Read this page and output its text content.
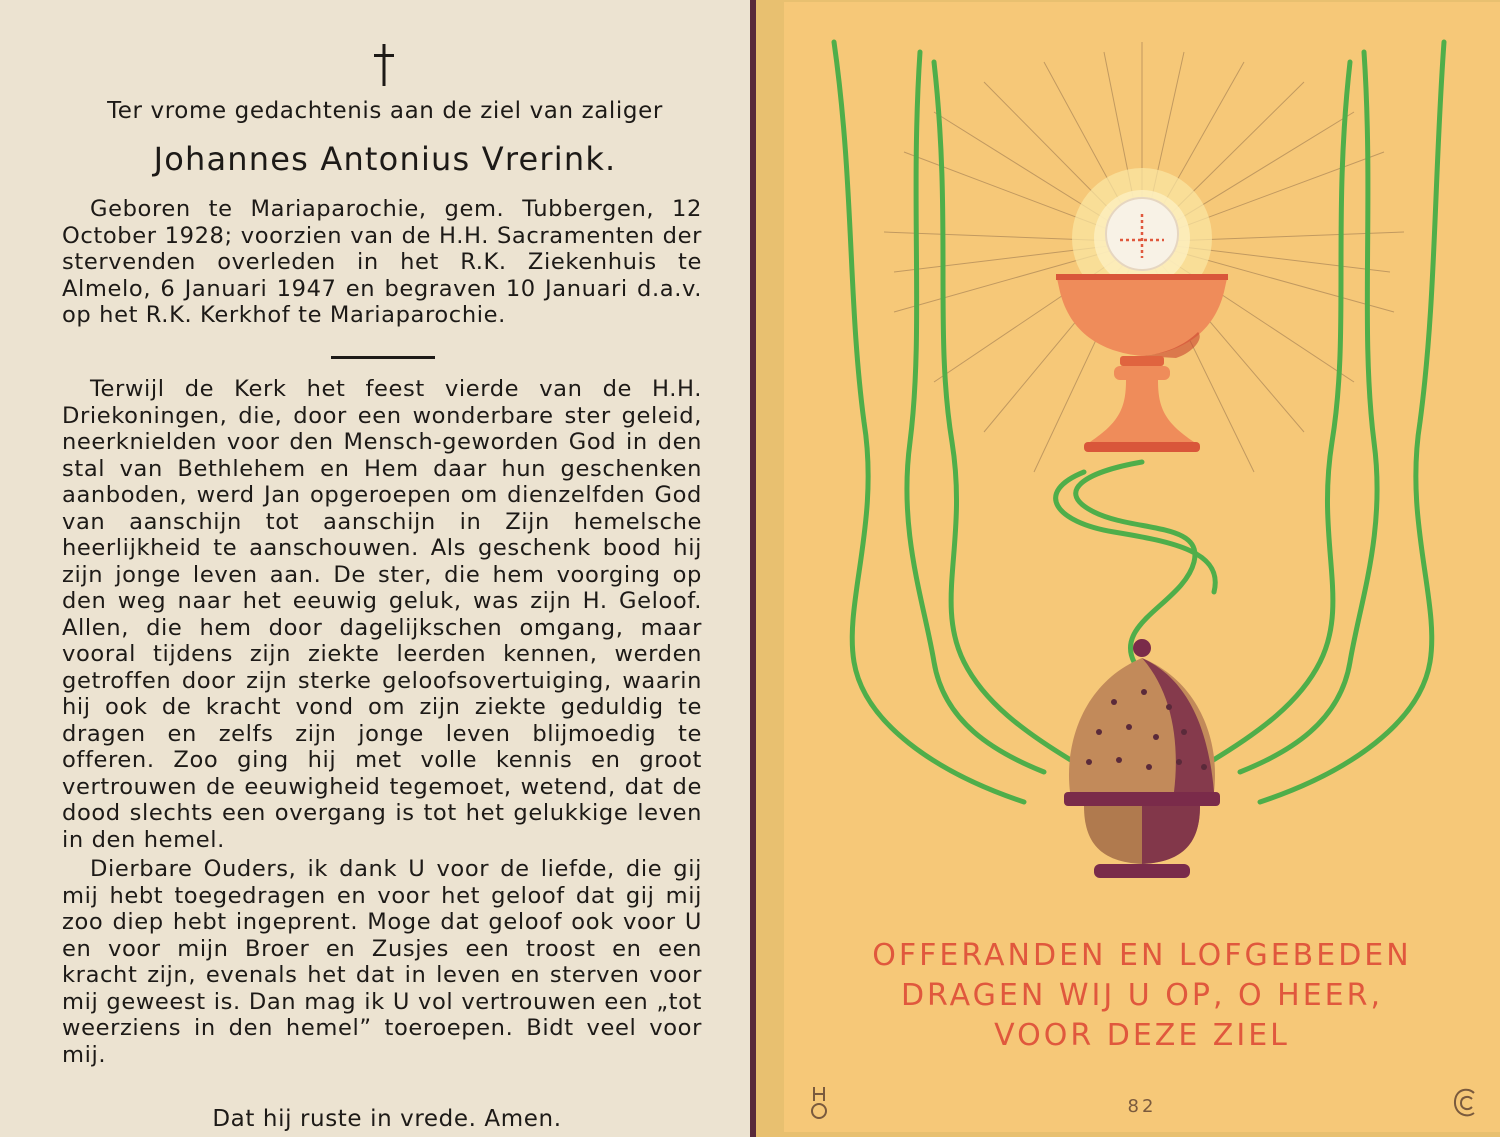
Ter vrome gedachtenis aan de ziel van zaliger
Johannes Antonius Vrerink.

Geboren te Mariaparochie, gem. Tubbergen, 12 October 1928; voorzien van de H.H. Sacramenten der stervenden overleden in het R.K. Ziekenhuis te Almelo, 6 Januari 1947 en begraven 10 Januari d.a.v. op het R.K. Kerkhof te Mariaparochie.

Terwijl de Kerk het feest vierde van de H.H. Driekoningen, die, door een wonderbare ster geleid, neerknielden voor den Mensch-geworden God in den stal van Bethlehem en Hem daar hun geschenken aanboden, werd Jan opgeroepen om dienzelfden God van aanschijn tot aanschijn in Zijn hemelsche heerlijkheid te aanschouwen. Als geschenk bood hij zijn jonge leven aan. De ster, die hem voorging op den weg naar het eeuwig geluk, was zijn H. Geloof. Allen, die hem door dagelijkschen omgang, maar vooral tijdens zijn ziekte leerden kennen, werden getroffen door zijn sterke geloofsovertuiging, waarin hij ook de kracht vond om zijn ziekte geduldig te dragen en zelfs zijn jonge leven blijmoedig te offeren. Zoo ging hij met volle kennis en groot vertrouwen de eeuwigheid tegemoet, wetend, dat de dood slechts een overgang is tot het gelukkige leven in den hemel.

Dierbare Ouders, ik dank U voor de liefde, die gij mij hebt toegedragen en voor het geloof dat gij mij zoo diep hebt ingeprent. Moge dat geloof ook voor U en voor mijn Broer en Zusjes een troost en een kracht zijn, evenals het dat in leven en sterven voor mij geweest is. Dan mag ik U vol vertrouwen een „tot weerziens in den hemel” toeroepen. Bidt veel voor mij.

Dat hij ruste in vrede. Amen.
OFFERANDEN EN LOFGEBEDEN
DRAGEN WIJ U OP, O HEER,
VOOR DEZE ZIEL
82
